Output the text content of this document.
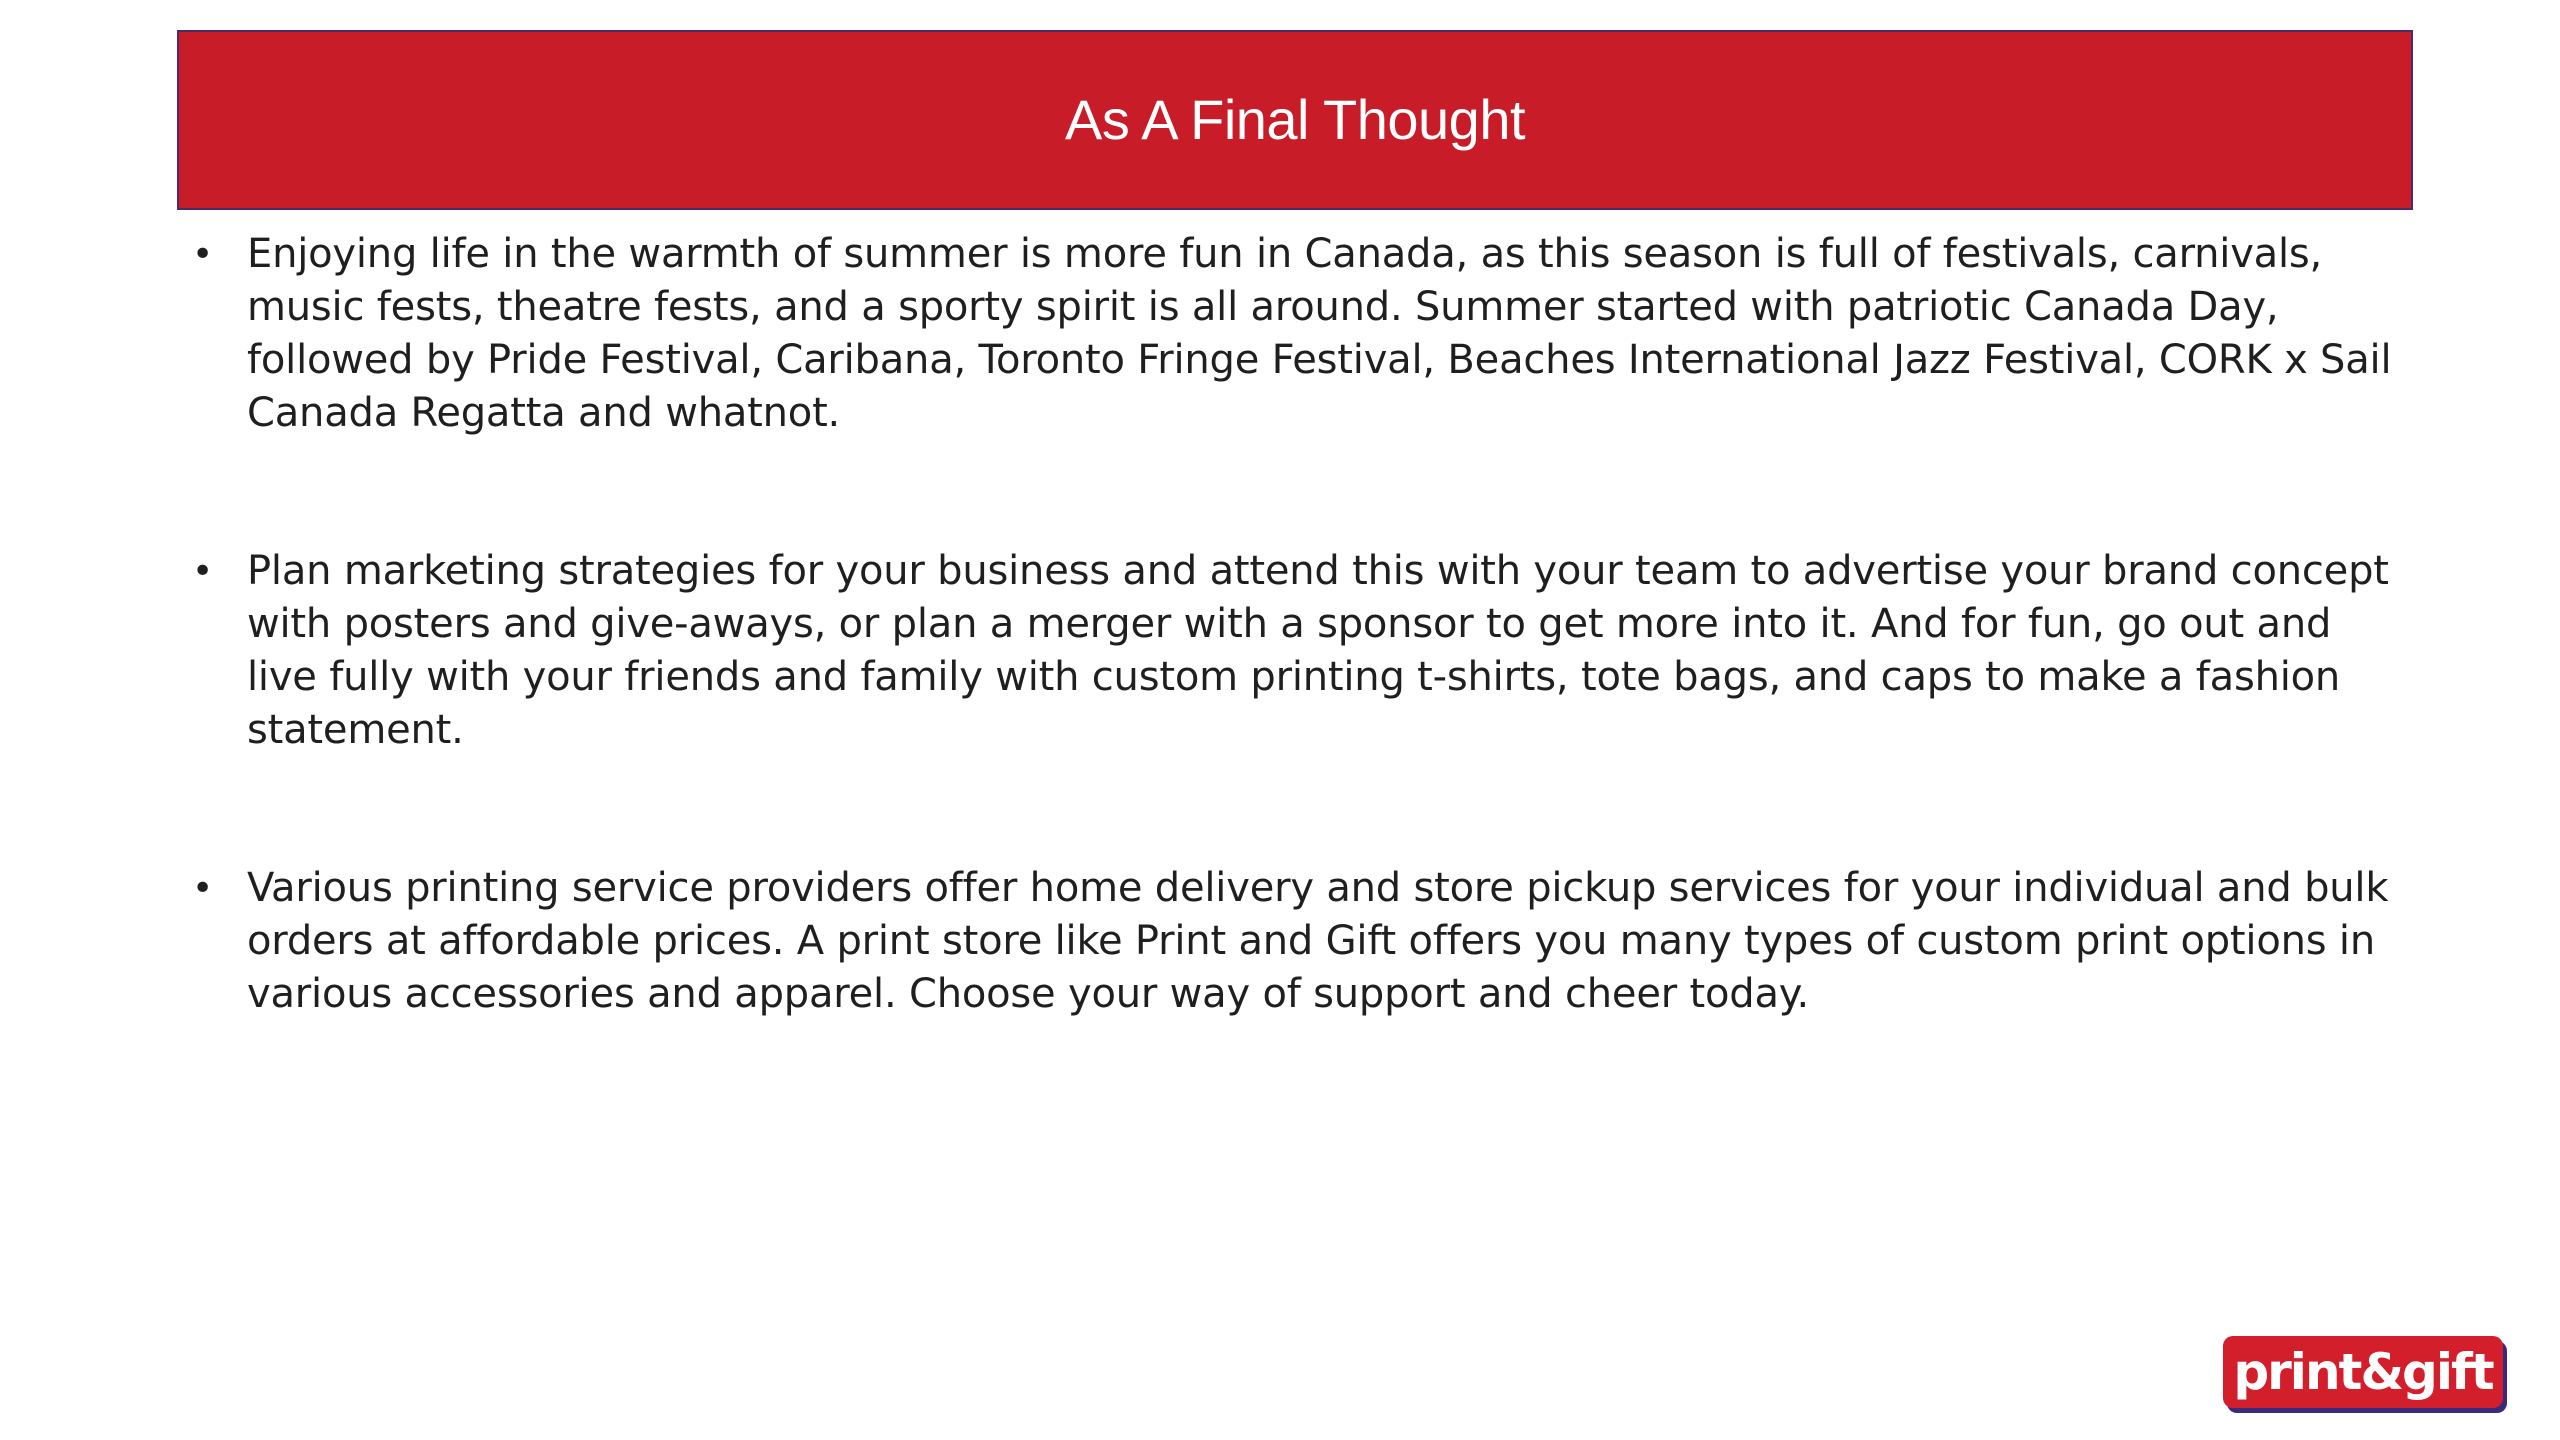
As A Final Thought
• Enjoying life in the warmth of summer is more fun in Canada, as this season is full of festivals, carnivals, music fests, theatre fests, and a sporty spirit is all around. Summer started with patriotic Canada Day, followed by Pride Festival, Caribana, Toronto Fringe Festival, Beaches International Jazz Festival, CORK x Sail Canada Regatta and whatnot.
• Plan marketing strategies for your business and attend this with your team to advertise your brand concept with posters and give-aways, or plan a merger with a sponsor to get more into it. And for fun, go out and live fully with your friends and family with custom printing t-shirts, tote bags, and caps to make a fashion statement.
• Various printing service providers offer home delivery and store pickup services for your individual and bulk orders at affordable prices. A print store like Print and Gift offers you many types of custom print options in various accessories and apparel. Choose your way of support and cheer today.
print&gift
